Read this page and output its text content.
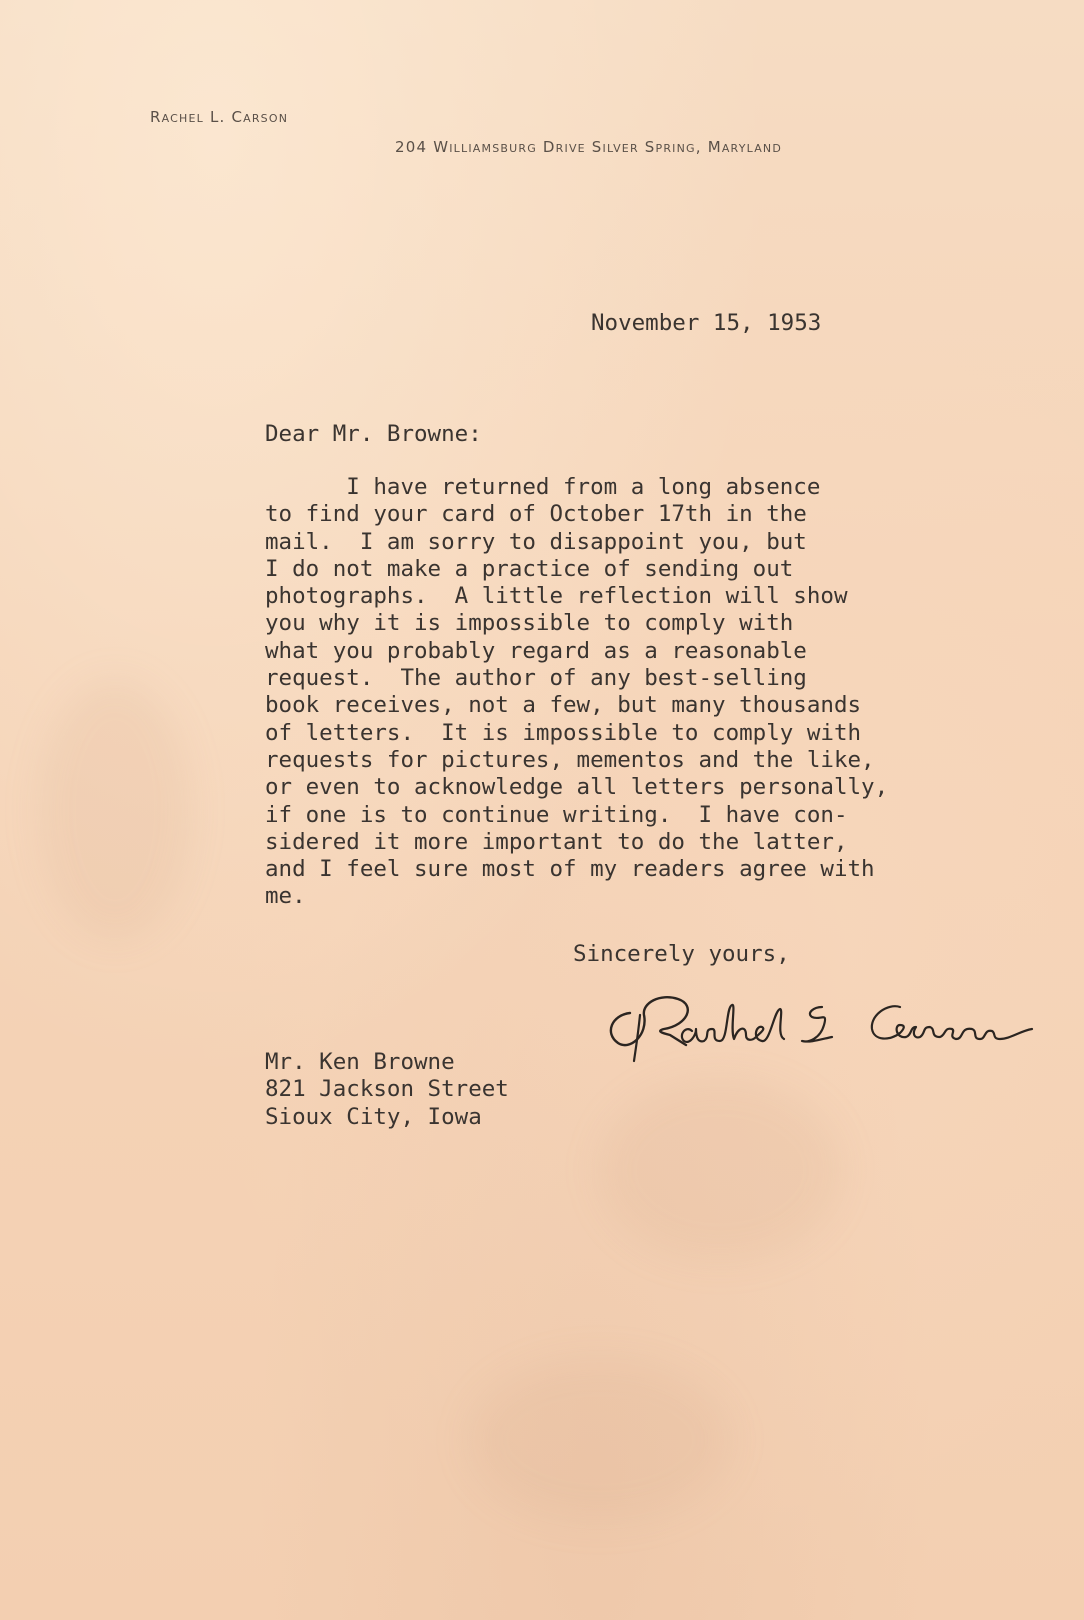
Rachel L. Carson
204 Williamsburg Drive Silver Spring, Maryland
November 15, 1953
Dear Mr. Browne:
I have returned from a long absence
to find your card of October 17th in the
mail.  I am sorry to disappoint you, but
I do not make a practice of sending out
photographs.  A little reflection will show
you why it is impossible to comply with
what you probably regard as a reasonable
request.  The author of any best-selling
book receives, not a few, but many thousands
of letters.  It is impossible to comply with
requests for pictures, mementos and the like,
or even to acknowledge all letters personally,
if one is to continue writing.  I have con-
sidered it more important to do the latter,
and I feel sure most of my readers agree with
me.
Sincerely yours,
Mr. Ken Browne
821 Jackson Street
Sioux City, Iowa
